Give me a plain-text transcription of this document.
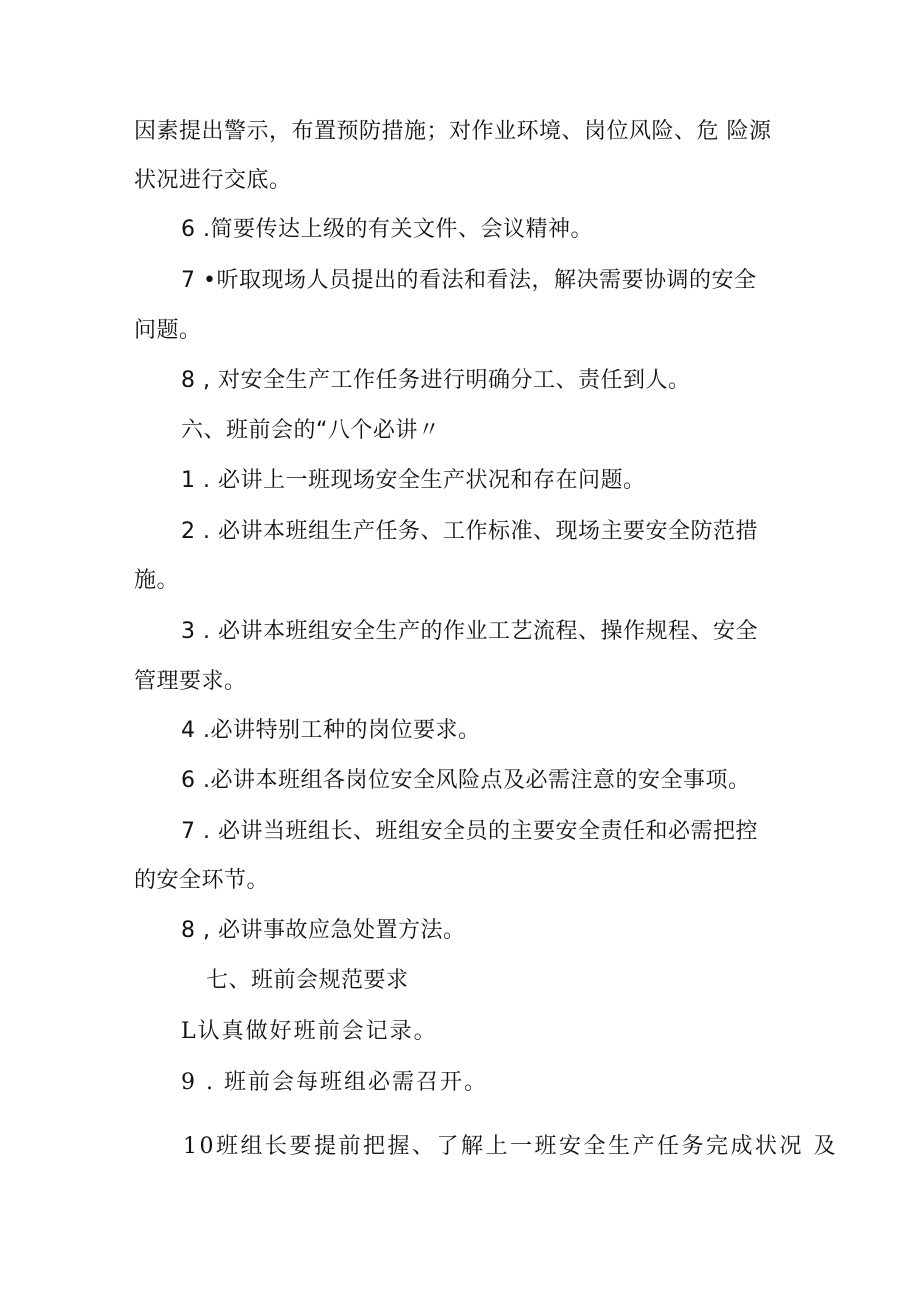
因素提出警示，布置预防措施；对作业环境、岗位风险、危 险源
状况进行交底。
6 .简要传达上级的有关文件、会议精神。
7 •听取现场人员提出的看法和看法，解决需要协调的安全
问题。
8 , 对安全生产工作任务进行明确分工、责任到人。
六、班前会的“八个必讲〃
1 . 必讲上一班现场安全生产状况和存在问题。
2 . 必讲本班组生产任务、工作标准、现场主要安全防范措
施。
3 . 必讲本班组安全生产的作业工艺流程、操作规程、安全
管理要求。
4 .必讲特别工种的岗位要求。
6 .必讲本班组各岗位安全风险点及必需注意的安全事项。
7 . 必讲当班组长、班组安全员的主要安全责任和必需把控
的安全环节。
8 , 必讲事故应急处置方法。
七、班前会规范要求
L认真做好班前会记录。
9 . 班前会每班组必需召开。
10班组长要提前把握、了解上一班安全生产任务完成状况 及
